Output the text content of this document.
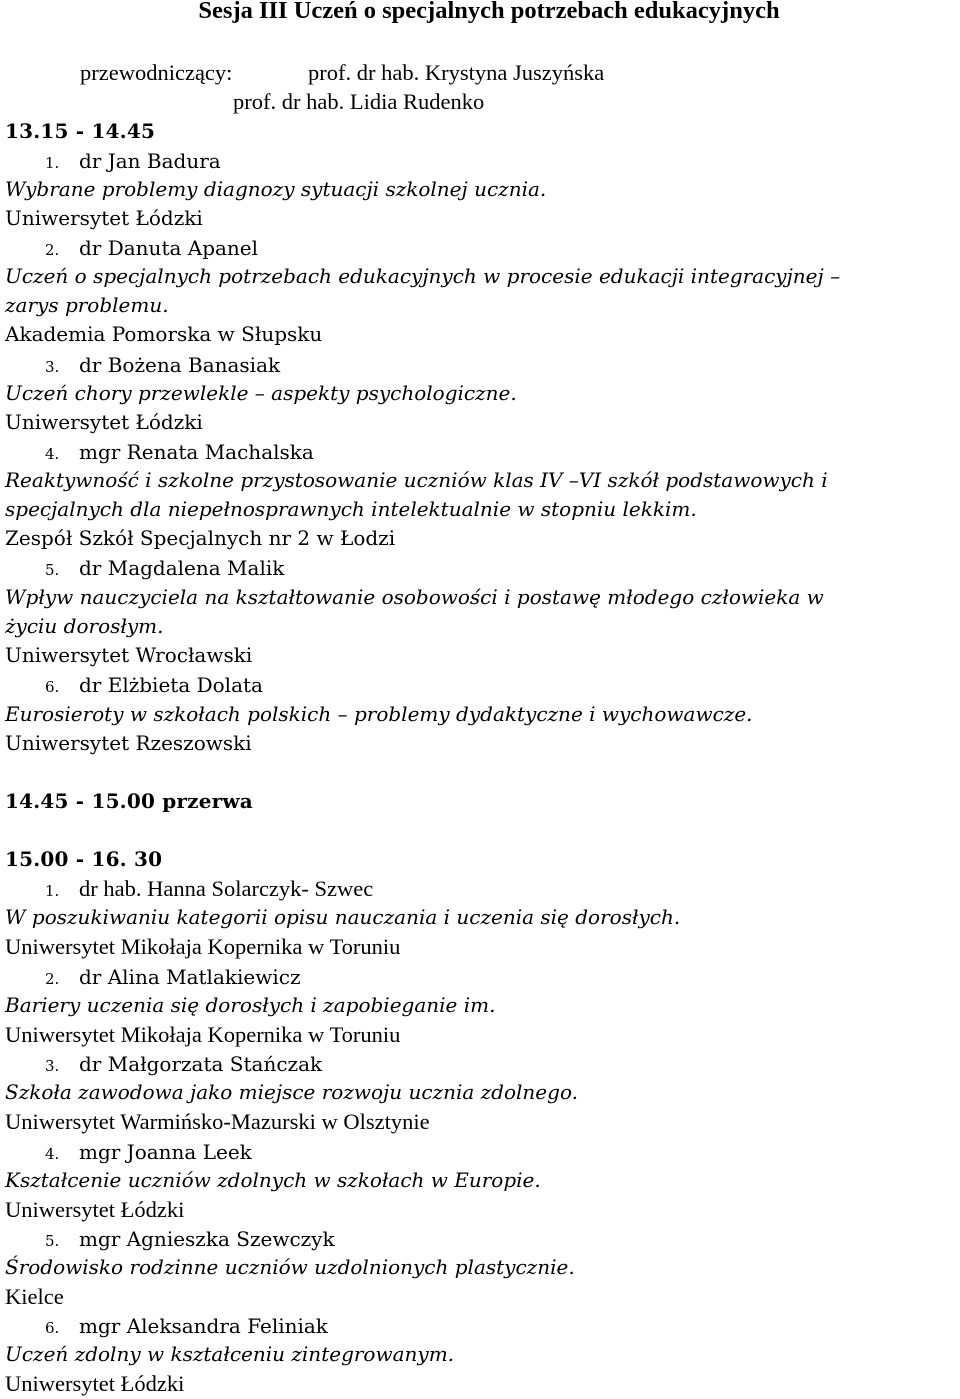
Sesja III Uczeń o specjalnych potrzebach edukacyjnych
przewodniczący:	prof. dr hab. Krystyna Juszyńska
prof. dr hab. Lidia Rudenko
13.15 - 14.45
1. dr Jan Badura
Wybrane problemy diagnozy sytuacji szkolnej ucznia.
Uniwersytet Łódzki
2. dr Danuta Apanel
Uczeń o specjalnych potrzebach edukacyjnych w procesie edukacji integracyjnej –
zarys problemu.
Akademia Pomorska w Słupsku
3. dr Bożena Banasiak
Uczeń chory przewlekle – aspekty psychologiczne.
Uniwersytet Łódzki
4. mgr Renata Machalska
Reaktywność i szkolne przystosowanie uczniów klas IV –VI szkół podstawowych i
specjalnych dla niepełnosprawnych intelektualnie w stopniu lekkim.
Zespół Szkół Specjalnych nr 2 w Łodzi
5. dr Magdalena Malik
Wpływ nauczyciela na kształtowanie osobowości i postawę młodego człowieka w
życiu dorosłym.
Uniwersytet Wrocławski
6. dr Elżbieta Dolata
Eurosieroty w szkołach polskich – problemy dydaktyczne i wychowawcze.
Uniwersytet Rzeszowski
14.45 - 15.00 przerwa
15.00 - 16. 30
1. dr hab. Hanna Solarczyk- Szwec
W poszukiwaniu kategorii opisu nauczania i uczenia się dorosłych.
Uniwersytet Mikołaja Kopernika w Toruniu
2. dr Alina Matlakiewicz
Bariery uczenia się dorosłych i zapobieganie im.
Uniwersytet Mikołaja Kopernika w Toruniu
3. dr Małgorzata Stańczak
Szkoła zawodowa jako miejsce rozwoju ucznia zdolnego.
Uniwersytet Warmińsko-Mazurski w Olsztynie
4. mgr Joanna Leek
Kształcenie uczniów zdolnych w szkołach w Europie.
Uniwersytet Łódzki
5. mgr Agnieszka Szewczyk
Środowisko rodzinne uczniów uzdolnionych plastycznie.
Kielce
6. mgr Aleksandra Feliniak
Uczeń zdolny w kształceniu zintegrowanym.
Uniwersytet Łódzki
